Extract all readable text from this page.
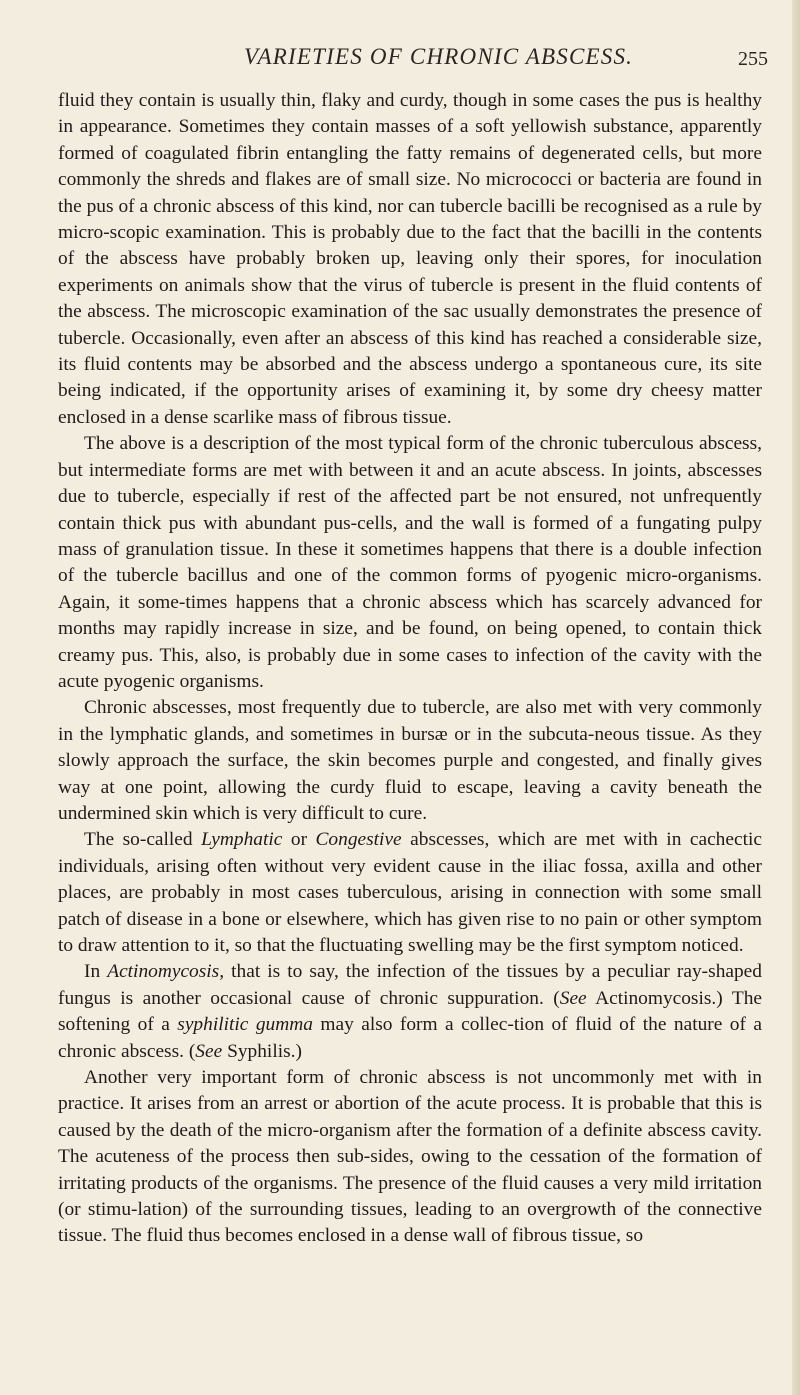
VARIETIES OF CHRONIC ABSCESS.	255

fluid they contain is usually thin, flaky and curdy, though in some cases the pus is healthy in appearance. Sometimes they contain masses of a soft yellowish substance, apparently formed of coagulated fibrin entangling the fatty remains of degenerated cells, but more commonly the shreds and flakes are of small size. No micrococci or bacteria are found in the pus of a chronic abscess of this kind, nor can tubercle bacilli be recognised as a rule by micro-scopic examination. This is probably due to the fact that the bacilli in the contents of the abscess have probably broken up, leaving only their spores, for inoculation experiments on animals show that the virus of tubercle is present in the fluid contents of the abscess. The microscopic examination of the sac usually demonstrates the presence of tubercle. Occasionally, even after an abscess of this kind has reached a considerable size, its fluid contents may be absorbed and the abscess undergo a spontaneous cure, its site being indicated, if the opportunity arises of examining it, by some dry cheesy matter enclosed in a dense scarlike mass of fibrous tissue.

The above is a description of the most typical form of the chronic tuberculous abscess, but intermediate forms are met with between it and an acute abscess. In joints, abscesses due to tubercle, especially if rest of the affected part be not ensured, not unfrequently contain thick pus with abundant pus-cells, and the wall is formed of a fungating pulpy mass of granulation tissue. In these it sometimes happens that there is a double infection of the tubercle bacillus and one of the common forms of pyogenic micro-organisms. Again, it some-times happens that a chronic abscess which has scarcely advanced for months may rapidly increase in size, and be found, on being opened, to contain thick creamy pus. This, also, is probably due in some cases to infection of the cavity with the acute pyogenic organisms.

Chronic abscesses, most frequently due to tubercle, are also met with very commonly in the lymphatic glands, and sometimes in bursæ or in the subcuta-neous tissue. As they slowly approach the surface, the skin becomes purple and congested, and finally gives way at one point, allowing the curdy fluid to escape, leaving a cavity beneath the undermined skin which is very difficult to cure.

The so-called Lymphatic or Congestive abscesses, which are met with in cachectic individuals, arising often without very evident cause in the iliac fossa, axilla and other places, are probably in most cases tuberculous, arising in connection with some small patch of disease in a bone or elsewhere, which has given rise to no pain or other symptom to draw attention to it, so that the fluctuating swelling may be the first symptom noticed.

In Actinomycosis, that is to say, the infection of the tissues by a peculiar ray-shaped fungus is another occasional cause of chronic suppuration. (See Actinomycosis.) The softening of a syphilitic gumma may also form a collec-tion of fluid of the nature of a chronic abscess. (See Syphilis.)

Another very important form of chronic abscess is not uncommonly met with in practice. It arises from an arrest or abortion of the acute process. It is probable that this is caused by the death of the micro-organism after the formation of a definite abscess cavity. The acuteness of the process then sub-sides, owing to the cessation of the formation of irritating products of the organisms. The presence of the fluid causes a very mild irritation (or stimu-lation) of the surrounding tissues, leading to an overgrowth of the connective tissue. The fluid thus becomes enclosed in a dense wall of fibrous tissue, so
